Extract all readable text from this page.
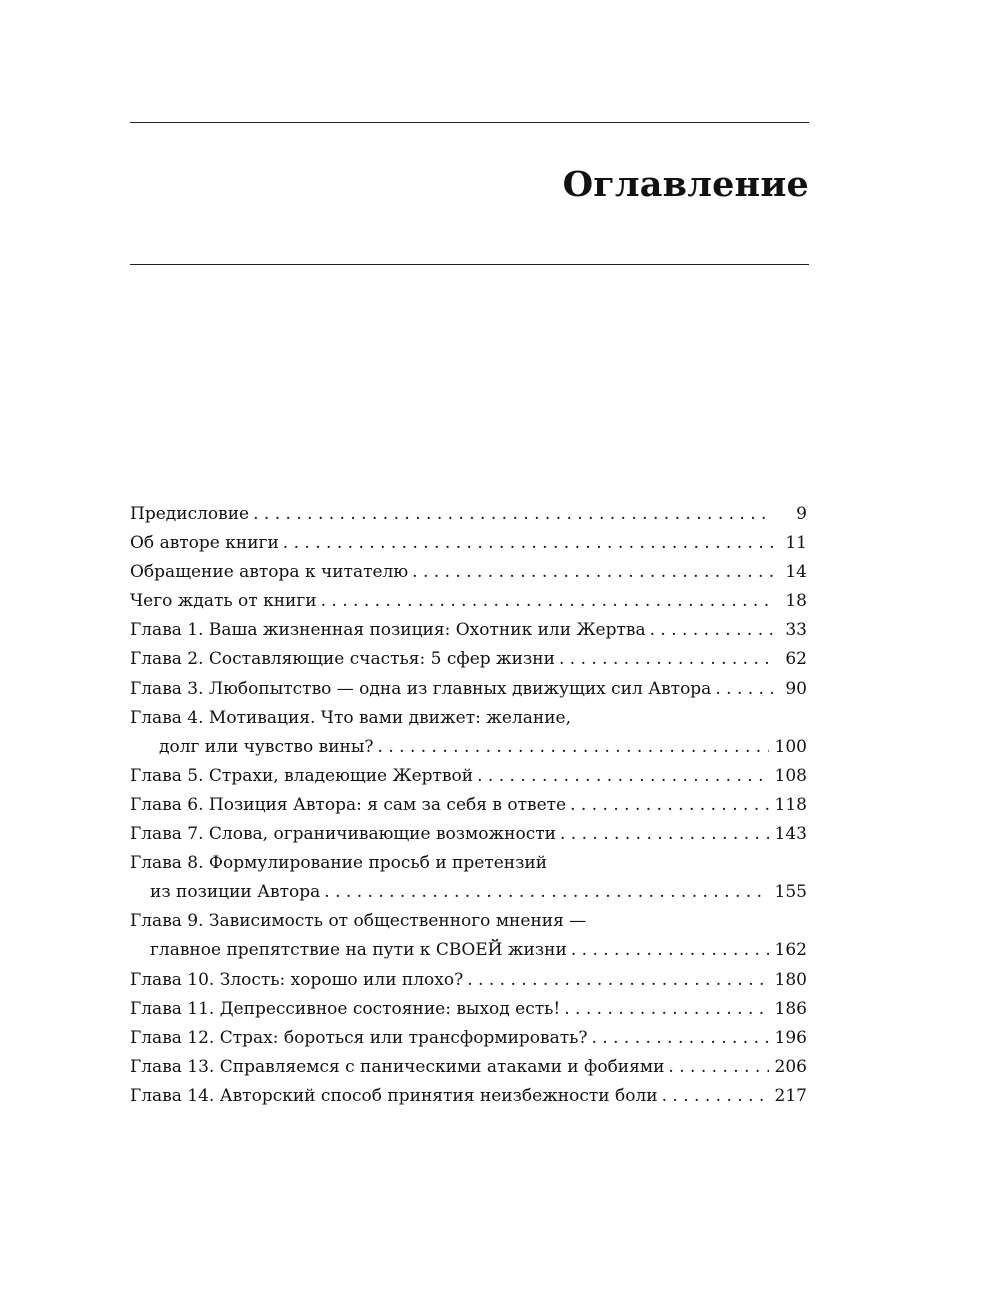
Оглавление
Предисловие . . .	9
Об авторе книги . . .	11
Обращение автора к читателю . . .	14
Чего ждать от книги . . .	18
Глава 1. Ваша жизненная позиция: Охотник или Жертва . . .	33
Глава 2. Составляющие счастья: 5 сфер жизни . . .	62
Глава 3. Любопытство — одна из главных движущих сил Автора . . .	90
Глава 4. Мотивация. Что вами движет: желание,
долг или чувство вины? . . .	100
Глава 5. Страхи, владеющие Жертвой . . .	108
Глава 6. Позиция Автора: я сам за себя в ответе . . .	118
Глава 7. Слова, ограничивающие возможности . . .	143
Глава 8. Формулирование просьб и претензий
из позиции Автора . . .	155
Глава 9. Зависимость от общественного мнения —
главное препятствие на пути к СВОЕЙ жизни . . .	162
Глава 10. Злость: хорошо или плохо? . . .	180
Глава 11. Депрессивное состояние: выход есть! . . .	186
Глава 12. Страх: бороться или трансформировать? . . .	196
Глава 13. Справляемся с паническими атаками и фобиями . . .	206
Глава 14. Авторский способ принятия неизбежности боли . . .	217
